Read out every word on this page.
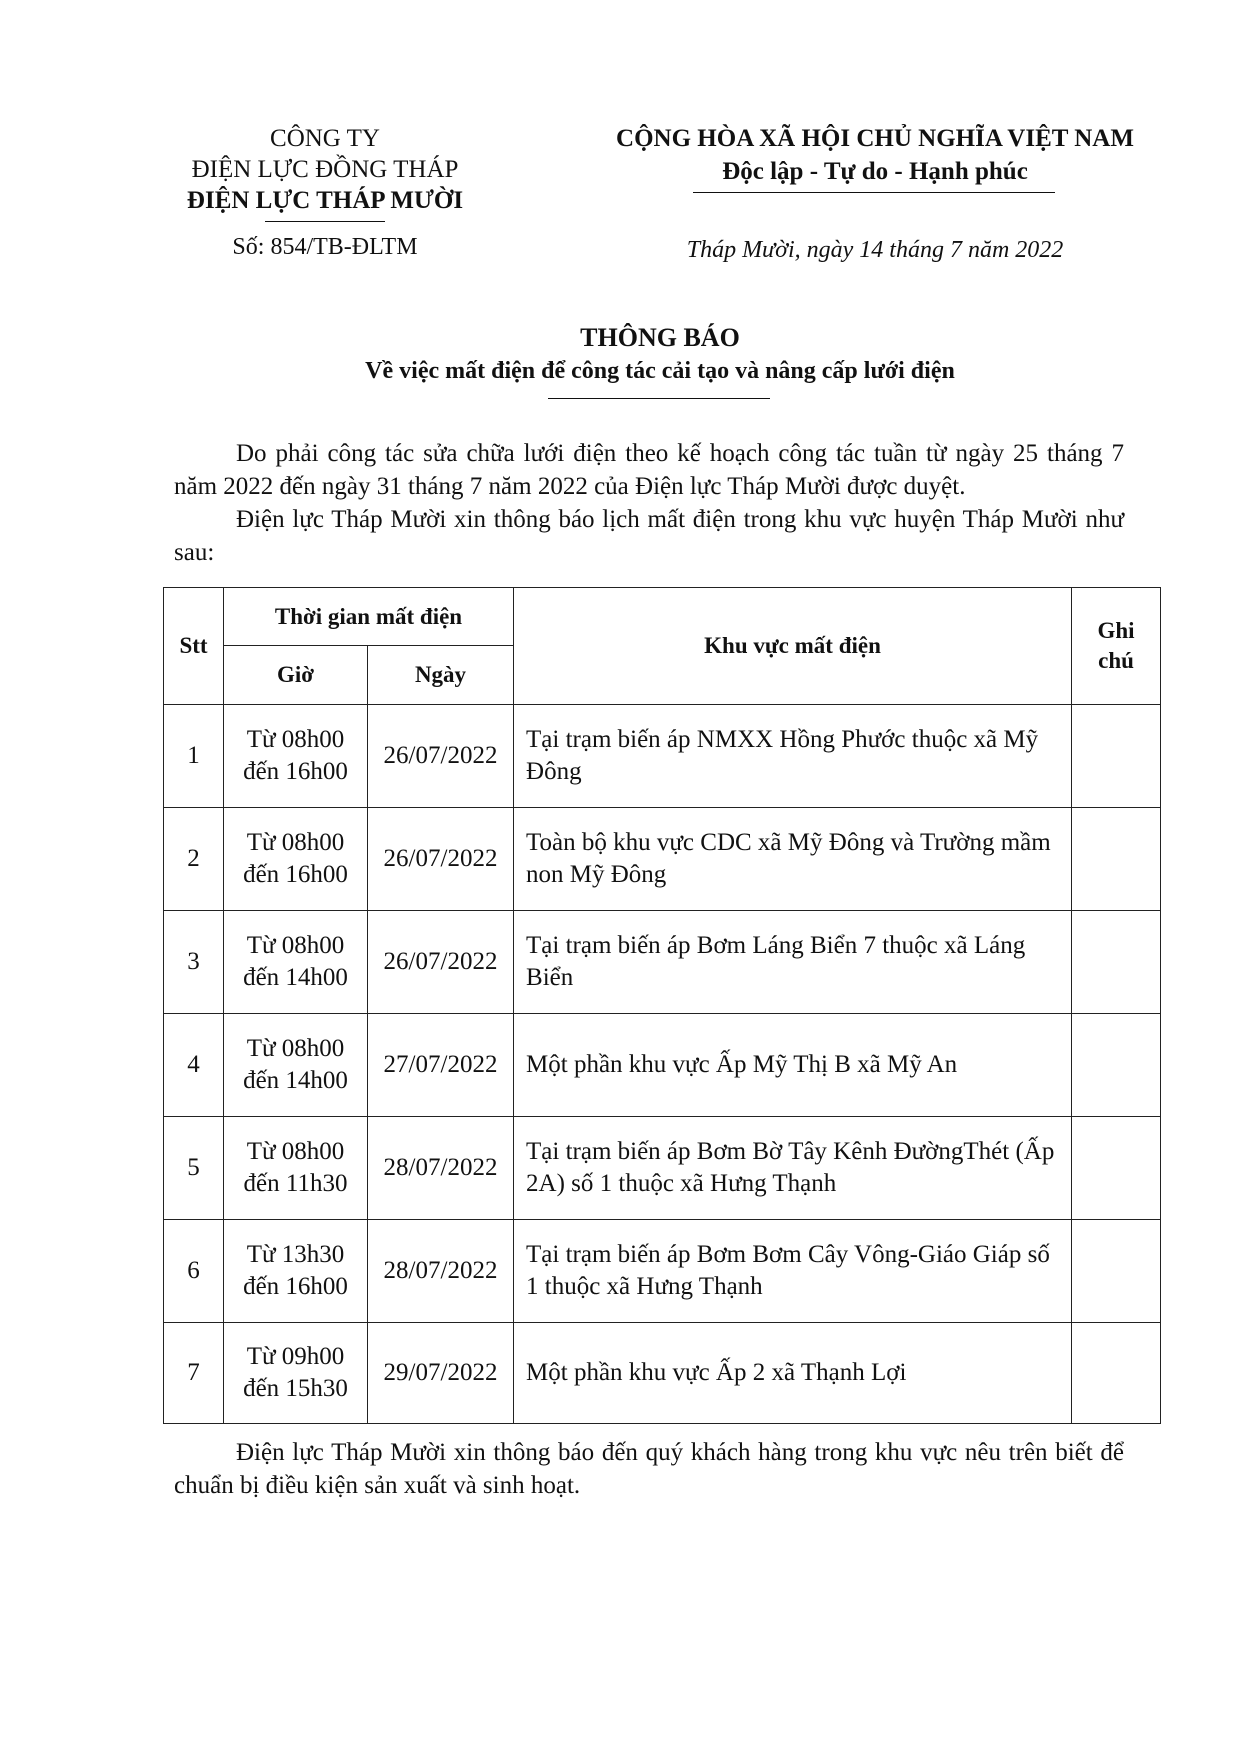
CÔNG TY
ĐIỆN LỰC ĐỒNG THÁP
ĐIỆN LỰC THÁP MƯỜI
Số: 854/TB-ĐLTM
CỘNG HÒA XÃ HỘI CHỦ NGHĨA VIỆT NAM
Độc lập - Tự do - Hạnh phúc
Tháp Mười, ngày 14 tháng 7 năm 2022
THÔNG BÁO
Về việc mất điện để công tác cải tạo và nâng cấp lưới điện
Do phải công tác sửa chữa lưới điện theo kế hoạch công tác tuần từ ngày 25 tháng 7 năm 2022 đến ngày 31 tháng 7 năm 2022 của Điện lực Tháp Mười được duyệt.
Điện lực Tháp Mười xin thông báo lịch mất điện trong khu vực huyện Tháp Mười như sau:
Stt	Thời gian mất điện		Khu vực mất điện	Ghi chú
	Giờ	Ngày		
1	Từ 08h00
đến 16h00	26/07/2022	Tại trạm biến áp NMXX Hồng Phước thuộc xã Mỹ Đông	
2	Từ 08h00
đến 16h00	26/07/2022	Toàn bộ khu vực CDC xã Mỹ Đông và Trường mầm non Mỹ Đông	
3	Từ 08h00
đến 14h00	26/07/2022	Tại trạm biến áp Bơm Láng Biển 7 thuộc xã Láng Biển	
4	Từ 08h00
đến 14h00	27/07/2022	Một phần khu vực Ấp Mỹ Thị B xã Mỹ An	
5	Từ 08h00
đến 11h30	28/07/2022	Tại trạm biến áp Bơm Bờ Tây Kênh ĐườngThét (Ấp 2A) số 1 thuộc xã Hưng Thạnh	
6	Từ 13h30
đến 16h00	28/07/2022	Tại trạm biến áp Bơm Bơm Cây Vông-Giáo Giáp số 1 thuộc xã Hưng Thạnh	
7	Từ 09h00
đến 15h30	29/07/2022	Một phần khu vực Ấp 2 xã Thạnh Lợi	
Điện lực Tháp Mười xin thông báo đến quý khách hàng trong khu vực nêu trên biết để chuẩn bị điều kiện sản xuất và sinh hoạt.
